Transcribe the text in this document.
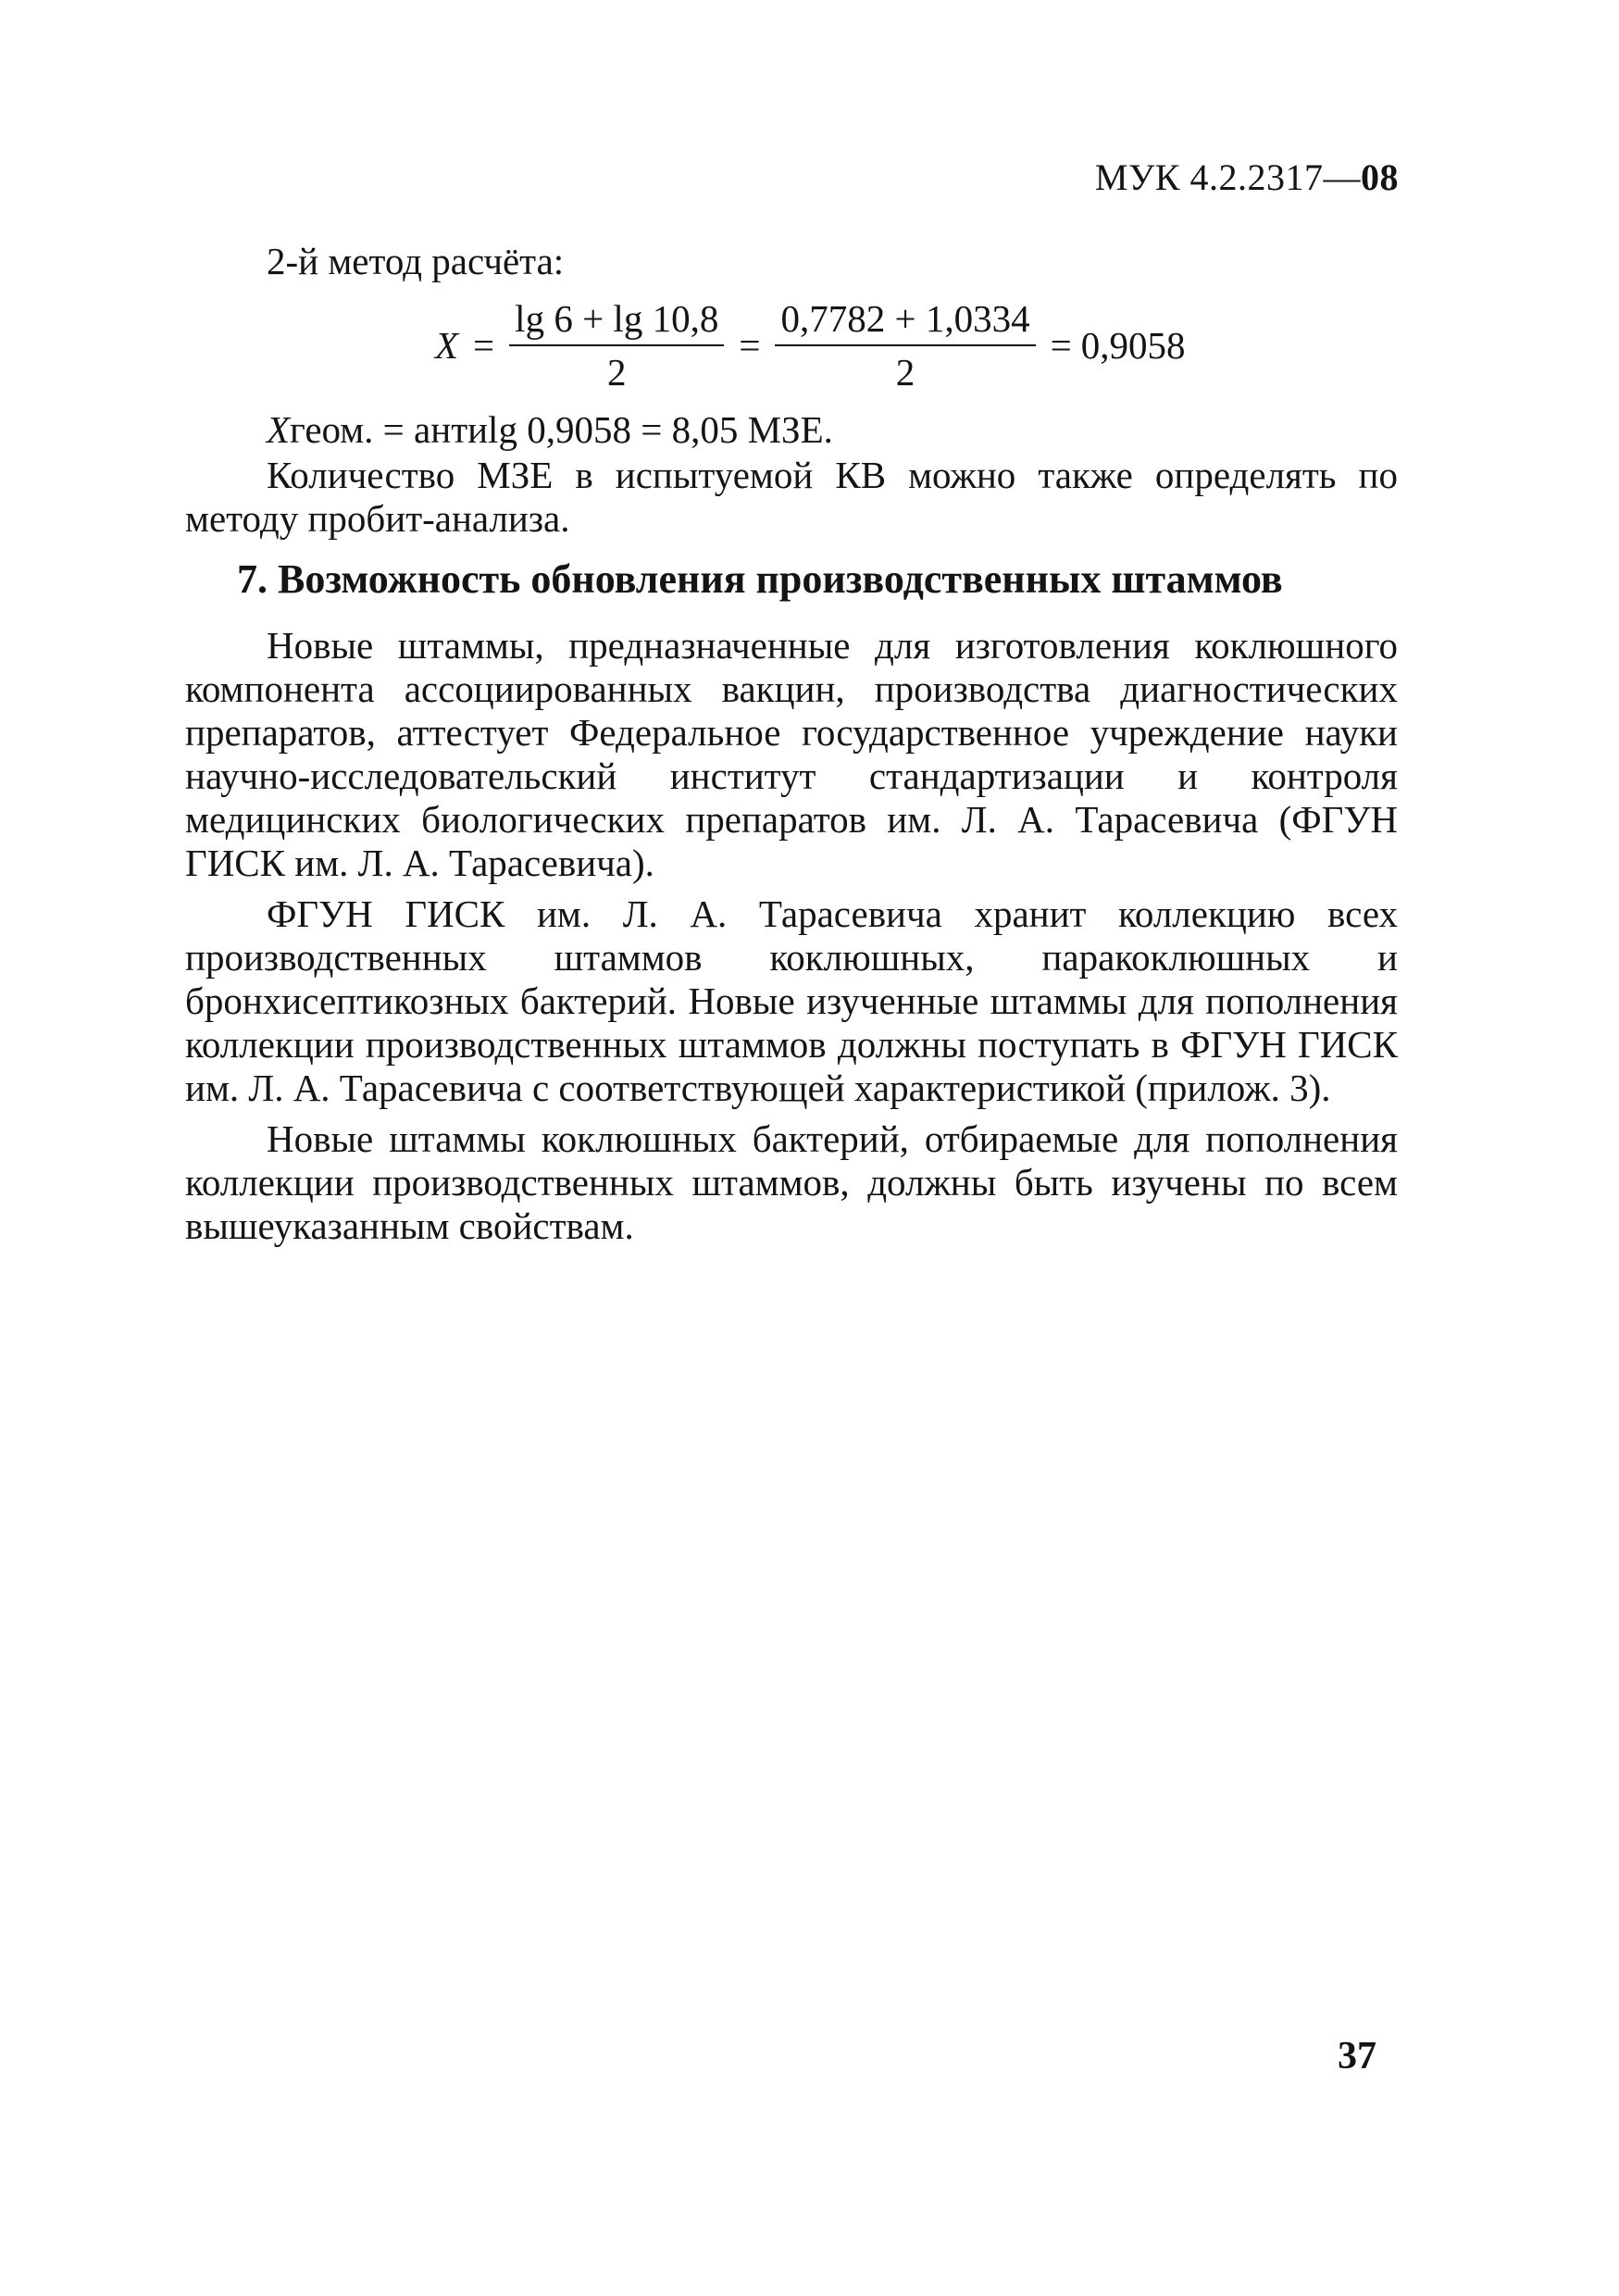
МУК 4.2.2317—08
2-й метод расчёта:
$X = \frac{\lg 6 + \lg 10,8}{2} = \frac{0,7782 + 1,0334}{2} = 0,9058$
Хгеом. = антиlg 0,9058 = 8,05 МЗЕ.

Количество МЗЕ в испытуемой КВ можно также определять по методу пробит-анализа.

7. Возможность обновления производственных штаммов

Новые штаммы, предназначенные для изготовления коклюшного компонента ассоциированных вакцин, производства диагностических препаратов, аттестует Федеральное государственное учреждение науки научно-исследовательский институт стандартизации и контроля медицинских биологических препаратов им. Л. А. Тарасевича (ФГУН ГИСК им. Л. А. Тарасевича).

ФГУН ГИСК им. Л. А. Тарасевича хранит коллекцию всех производственных штаммов коклюшных, паракоклюшных и бронхисептикозных бактерий. Новые изученные штаммы для пополнения коллекции производственных штаммов должны поступать в ФГУН ГИСК им. Л. А. Тарасевича с соответствующей характеристикой (прилож. 3).

Новые штаммы коклюшных бактерий, отбираемые для пополнения коллекции производственных штаммов, должны быть изучены по всем вышеуказанным свойствам.

37
